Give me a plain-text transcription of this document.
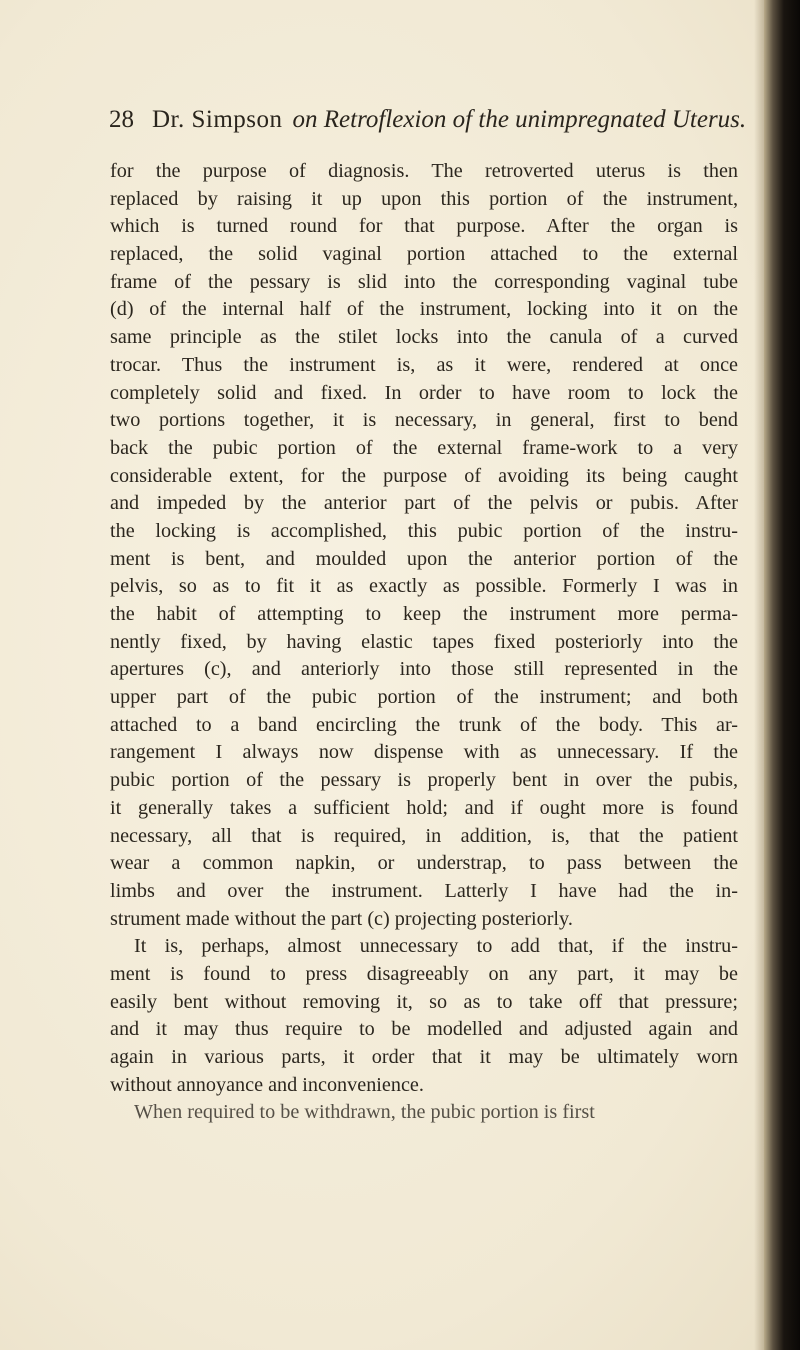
28 Dr. Simpson on Retroflexion of the unimpregnated Uterus.
for the purpose of diagnosis. The retroverted uterus is then
replaced by raising it up upon this portion of the instrument,
which is turned round for that purpose. After the organ is
replaced, the solid vaginal portion attached to the external
frame of the pessary is slid into the corresponding vaginal tube
(d) of the internal half of the instrument, locking into it on the
same principle as the stilet locks into the canula of a curved
trocar. Thus the instrument is, as it were, rendered at once
completely solid and fixed. In order to have room to lock the
two portions together, it is necessary, in general, first to bend
back the pubic portion of the external frame-work to a very
considerable extent, for the purpose of avoiding its being caught
and impeded by the anterior part of the pelvis or pubis. After
the locking is accomplished, this pubic portion of the instru-
ment is bent, and moulded upon the anterior portion of the
pelvis, so as to fit it as exactly as possible. Formerly I was in
the habit of attempting to keep the instrument more perma-
nently fixed, by having elastic tapes fixed posteriorly into the
apertures (c), and anteriorly into those still represented in the
upper part of the pubic portion of the instrument; and both
attached to a band encircling the trunk of the body. This ar-
rangement I always now dispense with as unnecessary. If the
pubic portion of the pessary is properly bent in over the pubis,
it generally takes a sufficient hold; and if ought more is found
necessary, all that is required, in addition, is, that the patient
wear a common napkin, or understrap, to pass between the
limbs and over the instrument. Latterly I have had the in-
strument made without the part (c) projecting posteriorly.
It is, perhaps, almost unnecessary to add that, if the instru-
ment is found to press disagreeably on any part, it may be
easily bent without removing it, so as to take off that pressure;
and it may thus require to be modelled and adjusted again and
again in various parts, it order that it may be ultimately worn
without annoyance and inconvenience.
When required to be withdrawn, the pubic portion is first
